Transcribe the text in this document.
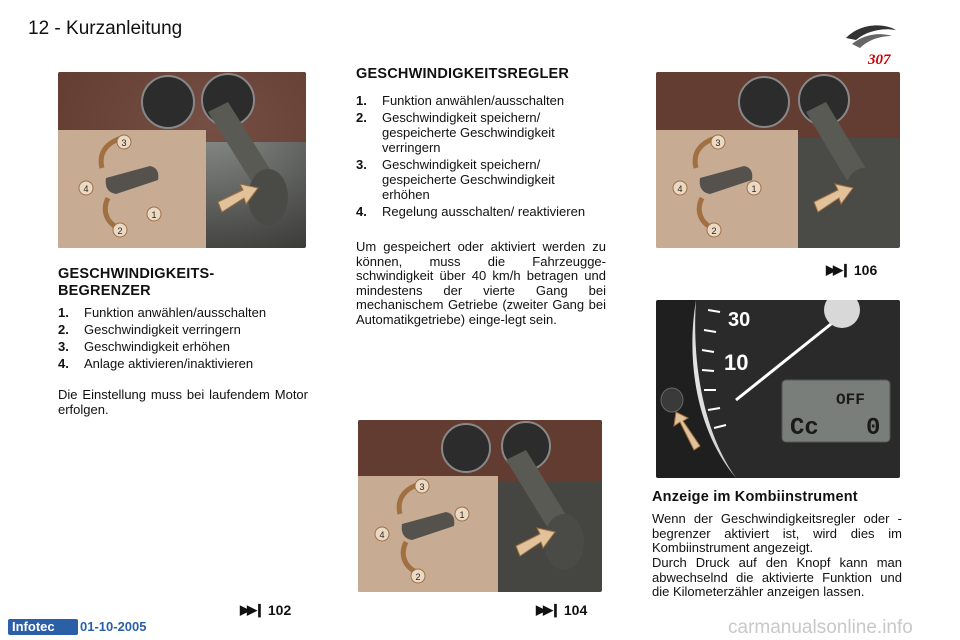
12 - Kurzanleitung
307
3
4
1
2
GESCHWINDIGKEITS-
BEGRENZER
1.	Funktion anwählen/ausschalten
2.	Geschwindigkeit verringern
3.	Geschwindigkeit erhöhen
4.	Anlage aktivieren/inaktivieren
Die Einstellung muss bei laufendem Motor erfolgen.
GESCHWINDIGKEITSREGLER
1.	Funktion anwählen/ausschalten
2.	Geschwindigkeit speichern/ gespeicherte Geschwindigkeit verringern
3.	Geschwindigkeit speichern/ gespeicherte Geschwindigkeit erhöhen
4.	Regelung ausschalten/ reaktivieren
Um gespeichert oder aktiviert werden zu können, muss die Fahrzeugge-schwindigkeit über 40 km/h betragen und mindestens der vierte Gang bei mechanischem Getriebe (zweiter Gang bei Automatikgetriebe) einge-legt sein.
3
4
1
2
3
4	1
2
▶▶❙ 106
30
10
OFF
Cc 0
Anzeige im Kombiinstrument
Wenn der Geschwindigkeitsregler oder -begrenzer aktiviert ist, wird dies im Kombiinstrument angezeigt.
Durch Druck auf den Knopf kann man abwechselnd die aktivierte Funktion und die Kilometerzähler anzeigen lassen.
▶▶❙ 102	▶▶❙ 104
Infotec	01-10-2005	carmanualsonline.info
